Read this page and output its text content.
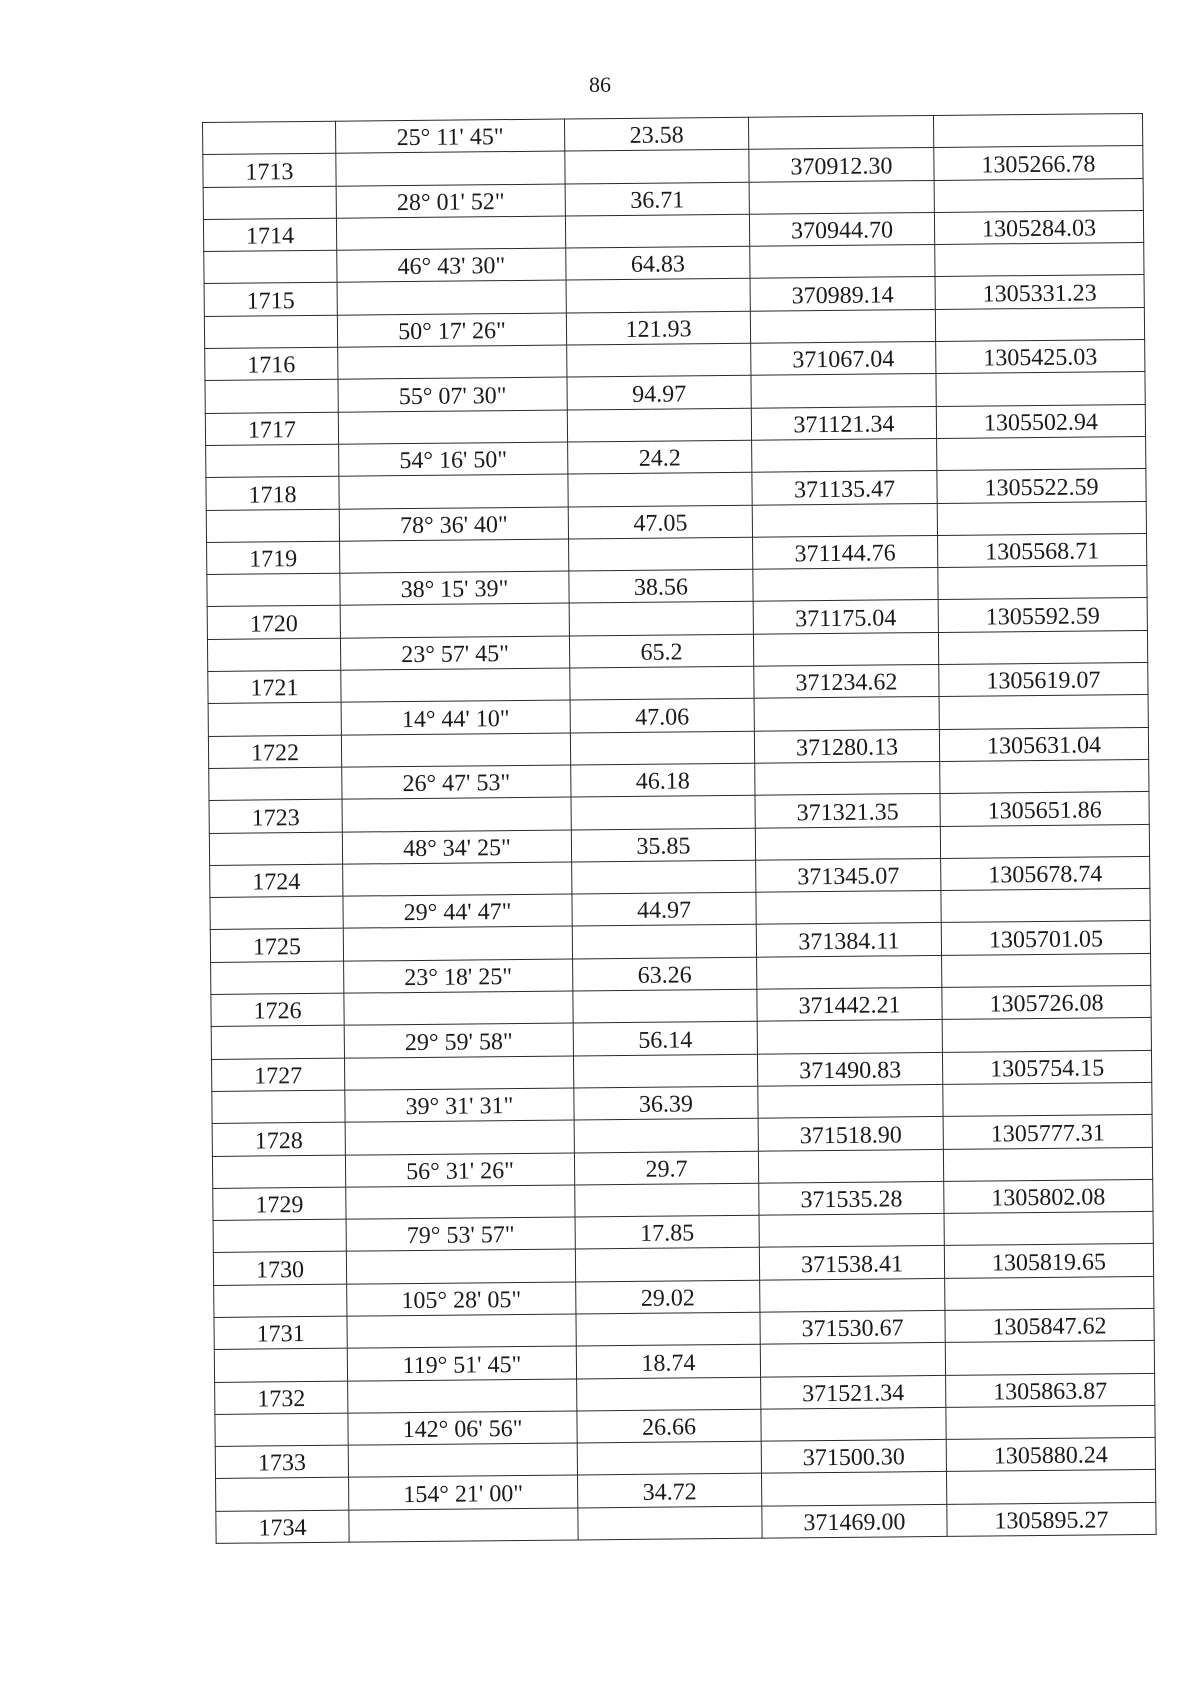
86

	25° 11' 45"	23.58		

1713			370912.30	1305266.78

	28° 01' 52"	36.71		

1714			370944.70	1305284.03

	46° 43' 30"	64.83		

1715			370989.14	1305331.23

	50° 17' 26"	121.93		

1716			371067.04	1305425.03

	55° 07' 30"	94.97		

1717			371121.34	1305502.94

	54° 16' 50"	24.2		

1718			371135.47	1305522.59

	78° 36' 40"	47.05		

1719			371144.76	1305568.71

	38° 15' 39"	38.56		

1720			371175.04	1305592.59

	23° 57' 45"	65.2		

1721			371234.62	1305619.07

	14° 44' 10"	47.06		

1722			371280.13	1305631.04

	26° 47' 53"	46.18		

1723			371321.35	1305651.86

	48° 34' 25"	35.85		

1724			371345.07	1305678.74

	29° 44' 47"	44.97		

1725			371384.11	1305701.05

	23° 18' 25"	63.26		

1726			371442.21	1305726.08

	29° 59' 58"	56.14		

1727			371490.83	1305754.15

	39° 31' 31"	36.39		

1728			371518.90	1305777.31

	56° 31' 26"	29.7		

1729			371535.28	1305802.08

	79° 53' 57"	17.85		

1730			371538.41	1305819.65

	105° 28' 05"	29.02		

1731			371530.67	1305847.62

	119° 51' 45"	18.74		

1732			371521.34	1305863.87

	142° 06' 56"	26.66		

1733			371500.30	1305880.24

	154° 21' 00"	34.72		

1734			371469.00	1305895.27
